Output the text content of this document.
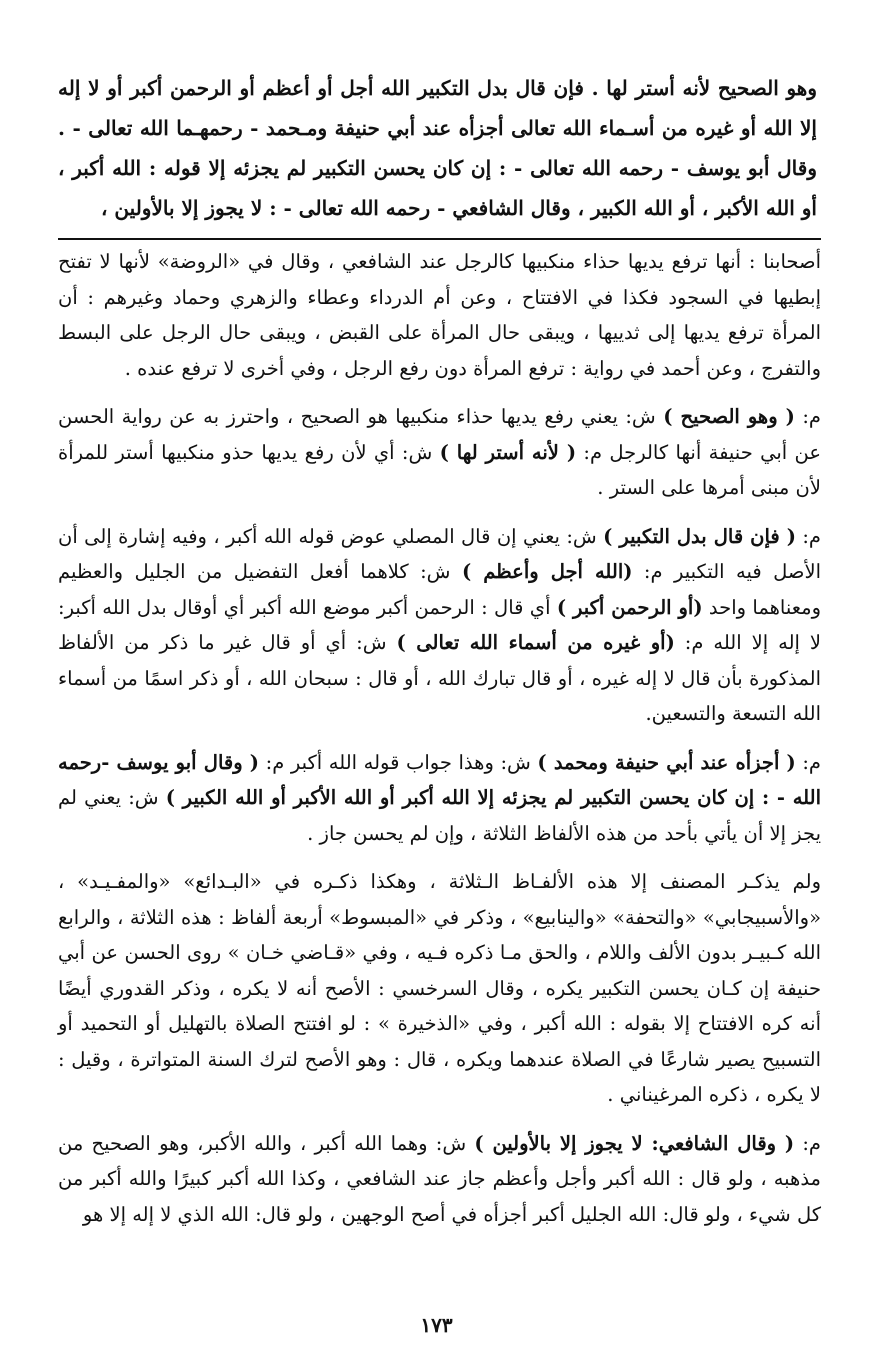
وهو الصحيح لأنه أستر لها . فإن قال بدل التكبير الله أجل أو أعظم أو الرحمن أكبر أو لا إله إلا الله أو غيره من أسـماء الله تعالى أجزأه عند أبي حنيفة ومـحمد - رحمهـما الله تعالى - . وقال أبو يوسف - رحمه الله تعالى - : إن كان يحسن التكبير لم يجزئه إلا قوله : الله أكبر ، أو الله الأكبر ، أو الله الكبير ، وقال الشافعي - رحمه الله تعالى - : لا يجوز إلا بالأولين ،

أصحابنا : أنها ترفع يديها حذاء منكبيها كالرجل عند الشافعي ، وقال في «الروضة» لأنها لا تفتح إبطيها في السجود فكذا في الافتتاح ، وعن أم الدرداء وعطاء والزهري وحماد وغيرهم : أن المرأة ترفع يديها إلى ثدييها ، ويبقى حال المرأة على القبض ، ويبقى حال الرجل على البسط والتفرج ، وعن أحمد في رواية : ترفع المرأة دون رفع الرجل ، وفي أخرى لا ترفع عنده .

م: ( وهو الصحيح ) ش: يعني رفع يديها حذاء منكبيها هو الصحيح ، واحترز به عن رواية الحسن عن أبي حنيفة أنها كالرجل م: ( لأنه أستر لها ) ش: أي لأن رفع يديها حذو منكبيها أستر للمرأة لأن مبنى أمرها على الستر .

م: ( فإن قال بدل التكبير ) ش: يعني إن قال المصلي عوض قوله الله أكبر ، وفيه إشارة إلى أن الأصل فيه التكبير م: (الله أجل وأعظم ) ش: كلاهما أفعل التفضيل من الجليل والعظيم ومعناهما واحد (أو الرحمن أكبر ) أي قال : الرحمن أكبر موضع الله أكبر أي أوقال بدل الله أكبر: لا إله إلا الله م: (أو غيره من أسماء الله تعالى ) ش: أي أو قال غير ما ذكر من الألفاظ المذكورة بأن قال لا إله غيره ، أو قال تبارك الله ، أو قال : سبحان الله ، أو ذكر اسمًا من أسماء الله التسعة والتسعين.

م: ( أجزأه عند أبي حنيفة ومحمد ) ش: وهذا جواب قوله الله أكبر م: ( وقال أبو يوسف -رحمه الله - : إن كان يحسن التكبير لم يجزئه إلا الله أكبر أو الله الأكبر أو الله الكبير ) ش: يعني لم يجز إلا أن يأتي بأحد من هذه الألفاظ الثلاثة ، وإن لم يحسن جاز .

ولم يذكـر المصنف إلا هذه الألفـاظ الـثلاثة ، وهكذا ذكـره في «البـدائع» «والمفـيـد» ، «والأسبيجابي» «والتحفة» «والينابيع» ، وذكر في «المبسوط» أربعة ألفاظ : هذه الثلاثة ، والرابع الله كـبيـر بدون الألف واللام ، والحق مـا ذكره فـيه ، وفي «قـاضي خـان » روى الحسن عن أبي حنيفة إن كـان يحسن التكبير يكره ، وقال السرخسي : الأصح أنه لا يكره ، وذكر القدوري أيضًا أنه كره الافتتاح إلا بقوله : الله أكبر ، وفي «الذخيرة » : لو افتتح الصلاة بالتهليل أو التحميد أو التسبيح يصير شارعًا في الصلاة عندهما ويكره ، قال : وهو الأصح لترك السنة المتواترة ، وقيل : لا يكره ، ذكره المرغيناني .

م: ( وقال الشافعي: لا يجوز إلا بالأولين ) ش: وهما الله أكبر ، والله الأكبر، وهو الصحيح من مذهبه ، ولو قال : الله أكبر وأجل وأعظم جاز عند الشافعي ، وكذا الله أكبر كبيرًا والله أكبر من كل شيء ، ولو قال: الله الجليل أكبر أجزأه في أصح الوجهين ، ولو قال: الله الذي لا إله إلا هو

١٧٣
